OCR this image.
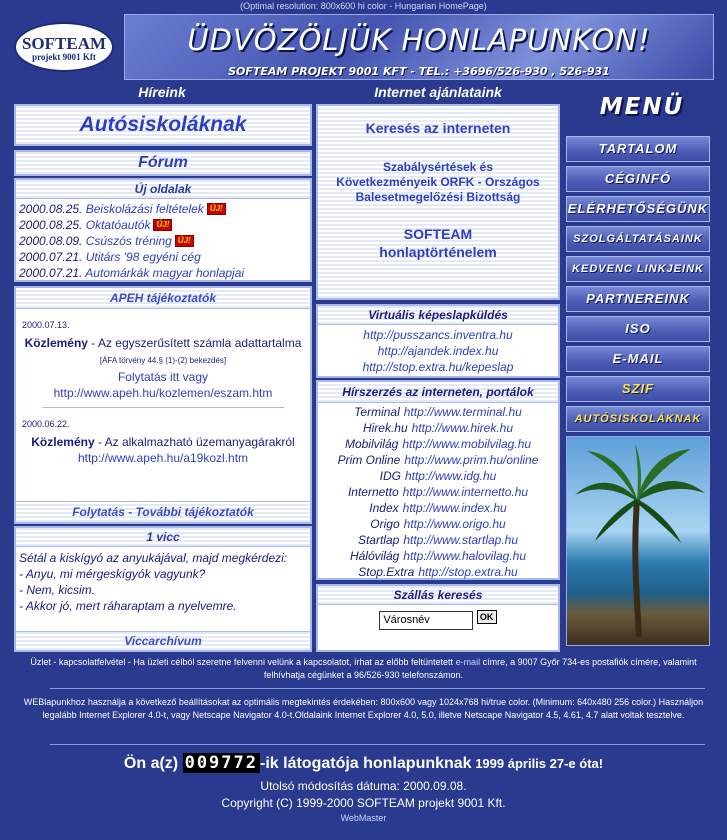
(Optimal resolution: 800x600 hi color - Hungarian HomePage)
SOFTEAM
projekt 9001 Kft	ÜDVÖZÖLJÜK HONLAPUNKON!
SOFTEAM PROJEKT 9001 KFT - TEL.: +3696/526-930 , 526-931
Híreink	Internet ajánlataink
Autósiskoláknak
Fórum
Új oldalak
2000.08.25. Beiskolázási feltételek ÚJ!
2000.08.25. Oktatóautók ÚJ!
2000.08.09. Csúszós tréning ÚJ!
2000.07.21. Utitárs '98 egyéni cég
2000.07.21. Automárkák magyar honlapjai
APEH tájékoztatók
2000.07.13.
Közlemény - Az egyszerűsített számla adattartalma
[ÁFA törvény 44.§ (1)-(2) bekezdés]
Folytatás itt vagy
http://www.apeh.hu/kozlemen/eszam.htm
2000.06.22.
Közlemény - Az alkalmazható üzemanyagárakról
http://www.apeh.hu/a19kozl.htm
Folytatás - További tájékoztatók
1 vicc
Sétál a kiskígyó az anyukájával, majd megkérdezi:
- Anyu, mi mérgeskígyók vagyunk?
- Nem, kicsim.
- Akkor jó, mert ráharaptam a nyelvemre.
Viccarchívum
Keresés az interneten
Szabálysértések és Következményeik ORFK - Országos Balesetmegelőzési Bizottság
SOFTEAM honlaptörténelem
Virtuális képeslapküldés
http://pusszancs.inventra.hu
http://ajandek.index.hu
http://stop.extra.hu/kepeslap
Hírszerzés az interneten, portálok
Terminal http://www.terminal.hu
Hirek.hu http://www.hirek.hu
Mobilvilág http://www.mobilvilag.hu
Prim Online http://www.prim.hu/online
IDG http://www.idg.hu
Internetto http://www.internetto.hu
Index http://www.index.hu
Origo http://www.origo.hu
Startlap http://www.startlap.hu
Hálóvilág http://www.halovilag.hu
Stop.Extra http://stop.extra.hu
Szállás keresés
Városnév OK
MENÜ
TARTALOM
CÉGINFÓ
ELÉRHETŐSÉGÜNK
SZOLGÁLTATÁSAINK
KEDVENC LINKJEINK
PARTNEREINK
ISO
E-MAIL
SZIF
AUTÓSISKOLÁKNAK
Üzlet - kapcsolatfelvétel - Ha üzleti célból szeretne felvenni velünk a kapcsolatot, írhat az előbb feltüntetett e-mail címre, a 9007 Győr 734-es postafiók címére, valamint felhívhatja cégünket a 96/526-930 telefonszámon.
WEBlapunkhoz használja a következő beállításokat az optimális megtekintés érdekében: 800x600 vagy 1024x768 hi/true color. (Minimum: 640x480 256 color.) Használjon legalább Internet Explorer 4.0-t, vagy Netscape Navigator 4.0-t.Oldalaink Internet Explorer 4.0, 5.0, illetve Netscape Navigator 4.5, 4.61, 4.7 alatt voltak tesztelve.
Ön a(z) 009772 -ik látogatója honlapunknak 1999 április 27-e óta!
Utolsó módosítás dátuma: 2000.09.08.
Copyright (C) 1999-2000 SOFTEAM projekt 9001 Kft.
WebMaster
